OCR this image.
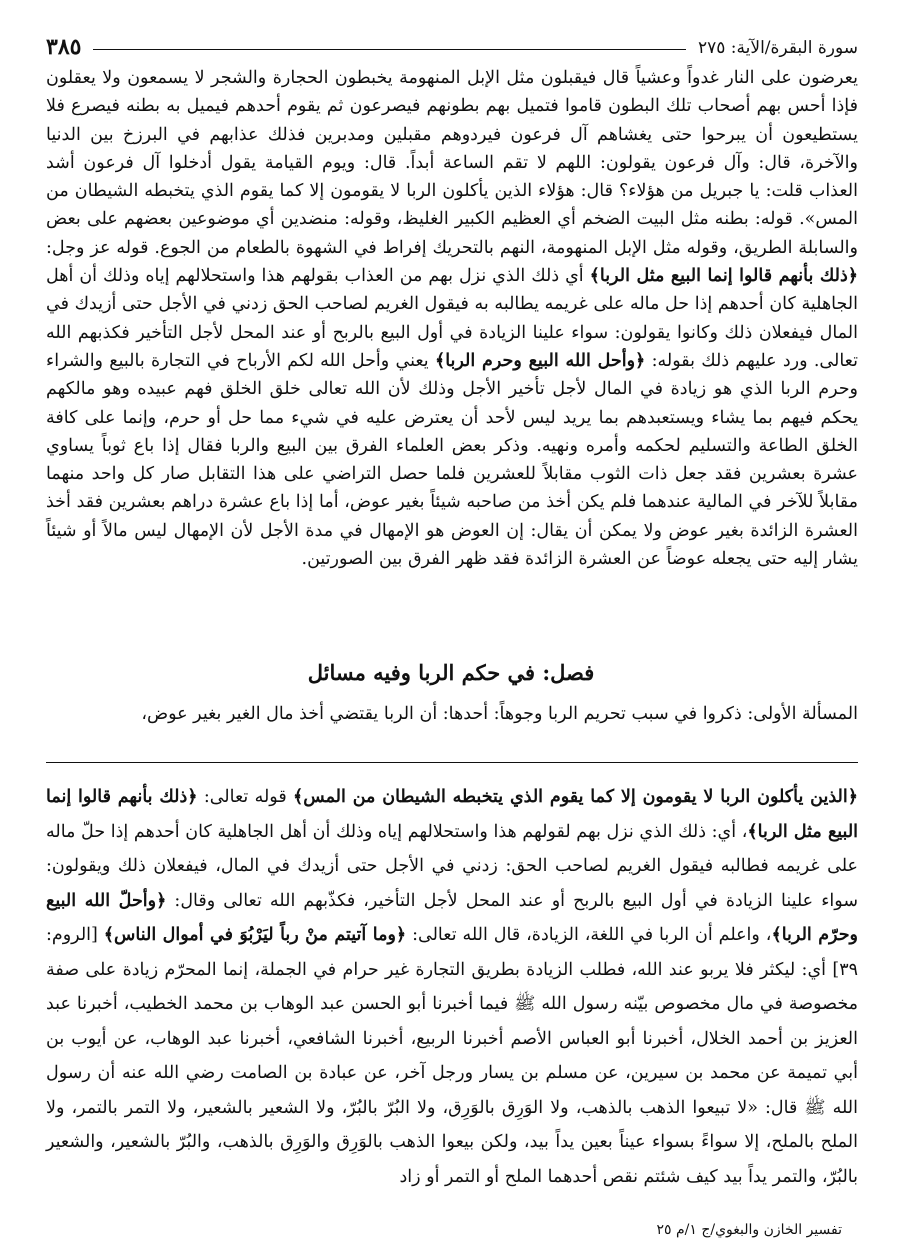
سورة البقرة/الآية: ٢٧٥
٣٨٥

يعرضون على النار غدواً وعشياً قال فيقبلون مثل الإبل المنهومة يخبطون الحجارة والشجر لا يسمعون ولا يعقلون فإذا أحس بهم أصحاب تلك البطون قاموا فتميل بهم بطونهم فيصرعون ثم يقوم أحدهم فيميل به بطنه فيصرع فلا يستطيعون أن يبرحوا حتى يغشاهم آل فرعون فيردوهم مقبلين ومدبرين فذلك عذابهم في البرزخ بين الدنيا والآخرة، قال: وآل فرعون يقولون: اللهم لا تقم الساعة أبداً. قال: ويوم القيامة يقول أدخلوا آل فرعون أشد العذاب قلت: يا جبريل من هؤلاء؟ قال: هؤلاء الذين يأكلون الربا لا يقومون إلا كما يقوم الذي يتخبطه الشيطان من المس». قوله: بطنه مثل البيت الضخم أي العظيم الكبير الغليظ، وقوله: منضدين أي موضوعين بعضهم على بعض والسابلة الطريق، وقوله مثل الإبل المنهومة، النهم بالتحريك إفراط في الشهوة بالطعام من الجوع. قوله عز وجل: ﴿ذلك بأنهم قالوا إنما البيع مثل الربا﴾ أي ذلك الذي نزل بهم من العذاب بقولهم هذا واستحلالهم إياه وذلك أن أهل الجاهلية كان أحدهم إذا حل ماله على غريمه يطالبه به فيقول الغريم لصاحب الحق زدني في الأجل حتى أزيدك في المال فيفعلان ذلك وكانوا يقولون: سواء علينا الزيادة في أول البيع بالربح أو عند المحل لأجل التأخير فكذبهم الله تعالى. ورد عليهم ذلك بقوله: ﴿وأحل الله البيع وحرم الربا﴾ يعني وأحل الله لكم الأرباح في التجارة بالبيع والشراء وحرم الربا الذي هو زيادة في المال لأجل تأخير الأجل وذلك لأن الله تعالى خلق الخلق فهم عبيده وهو مالكهم يحكم فيهم بما يشاء ويستعبدهم بما يريد ليس لأحد أن يعترض عليه في شيء مما حل أو حرم، وإنما على كافة الخلق الطاعة والتسليم لحكمه وأمره ونهيه. وذكر بعض العلماء الفرق بين البيع والربا فقال إذا باع ثوباً يساوي عشرة بعشرين فقد جعل ذات الثوب مقابلاً للعشرين فلما حصل التراضي على هذا التقابل صار كل واحد منهما مقابلاً للآخر في المالية عندهما فلم يكن أخذ من صاحبه شيئاً بغير عوض، أما إذا باع عشرة دراهم بعشرين فقد أخذ العشرة الزائدة بغير عوض ولا يمكن أن يقال: إن العوض هو الإمهال في مدة الأجل لأن الإمهال ليس مالاً أو شيئاً يشار إليه حتى يجعله عوضاً عن العشرة الزائدة فقد ظهر الفرق بين الصورتين.

فصل: في حكم الربا وفيه مسائل

المسألة الأولى: ذكروا في سبب تحريم الربا وجوهاً: أحدها: أن الربا يقتضي أخذ مال الغير بغير عوض،

﴿الذين يأكلون الربا لا يقومون إلا كما يقوم الذي يتخبطه الشيطان من المس﴾ قوله تعالى: ﴿ذلك بأنهم قالوا إنما البيع مثل الربا﴾، أي: ذلك الذي نزل بهم لقولهم هذا واستحلالهم إياه وذلك أن أهل الجاهلية كان أحدهم إذا حلّ ماله على غريمه فطالبه فيقول الغريم لصاحب الحق: زدني في الأجل حتى أزيدك في المال، فيفعلان ذلك ويقولون: سواء علينا الزيادة في أول البيع بالربح أو عند المحل لأجل التأخير، فكذّبهم الله تعالى وقال: ﴿وأحلّ الله البيع وحرّم الربا﴾، واعلم أن الربا في اللغة، الزيادة، قال الله تعالى: ﴿وما آتيتم منْ رباً ليَرْبُوَ في أموال الناس﴾ [الروم: ٣٩] أي: ليكثر فلا يربو عند الله، فطلب الزيادة بطريق التجارة غير حرام في الجملة، إنما المحرّم زيادة على صفة مخصوصة في مال مخصوص بيّنه رسول الله ﷺ فيما أخبرنا أبو الحسن عبد الوهاب بن محمد الخطيب، أخبرنا عبد العزيز بن أحمد الخلال، أخبرنا أبو العباس الأصم أخبرنا الربيع، أخبرنا الشافعي، أخبرنا عبد الوهاب، عن أيوب بن أبي تميمة عن محمد بن سيرين، عن مسلم بن يسار ورجل آخر، عن عبادة بن الصامت رضي الله عنه أن رسول الله ﷺ قال: «لا تبيعوا الذهب بالذهب، ولا الوَرِق بالوَرِق، ولا البُرّ بالبُرّ، ولا الشعير بالشعير، ولا التمر بالتمر، ولا الملح بالملح، إلا سواءً بسواء عيناً بعين يداً بيد، ولكن بيعوا الذهب بالوَرِق والوَرِق بالذهب، والبُرّ بالشعير، والشعير بالبُرّ، والتمر يداً بيد كيف شئتم نقص أحدهما الملح أو التمر أو زاد

تفسير الخازن والبغوي/ج ١/م ٢٥
